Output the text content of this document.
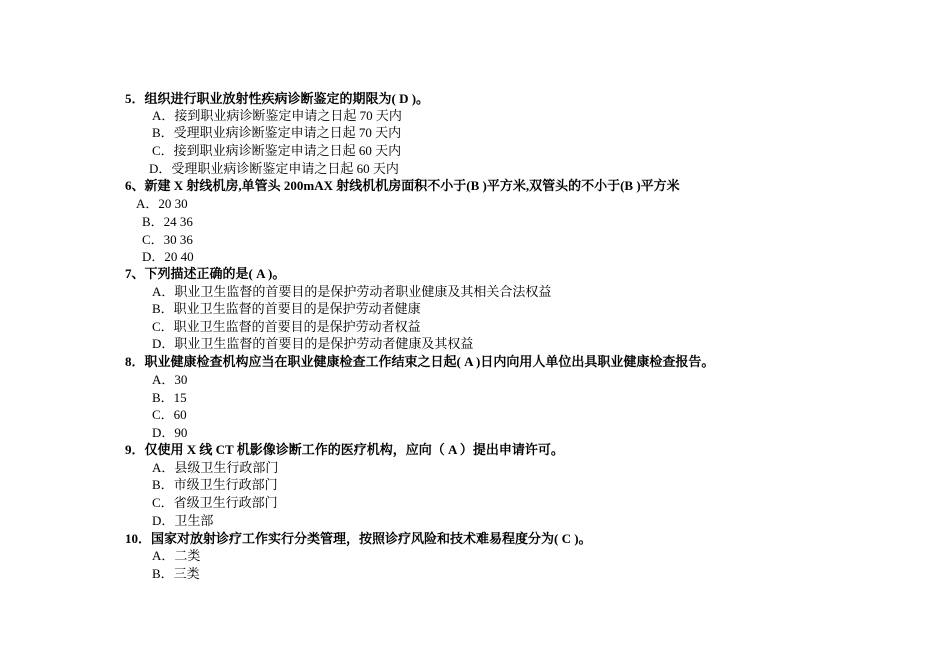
5．组织进行职业放射性疾病诊断鉴定的期限为( D )。
A．接到职业病诊断鉴定申请之日起 70 天内
B．受理职业病诊断鉴定申请之日起 70 天内
C．接到职业病诊断鉴定申请之日起 60 天内
D．受理职业病诊断鉴定申请之日起 60 天内
6、新建 X 射线机房,单管头 200mAX 射线机机房面积不小于(B )平方米,双管头的不小于(B )平方米
A．20 30
B．24 36
C．30 36
D．20 40
7、下列描述正确的是( A )。
A．职业卫生监督的首要目的是保护劳动者职业健康及其相关合法权益
B．职业卫生监督的首要目的是保护劳动者健康
C．职业卫生监督的首要目的是保护劳动者权益
D．职业卫生监督的首要目的是保护劳动者健康及其权益
8．职业健康检查机构应当在职业健康检查工作结束之日起( A )日内向用人单位出具职业健康检查报告。
A．30
B．15
C．60
D．90
9．仅使用 X 线 CT 机影像诊断工作的医疗机构，应向（ A ）提出申请许可。
A．县级卫生行政部门
B．市级卫生行政部门
C．省级卫生行政部门
D．卫生部
10．国家对放射诊疗工作实行分类管理，按照诊疗风险和技术难易程度分为( C )。
A．二类
B．三类
